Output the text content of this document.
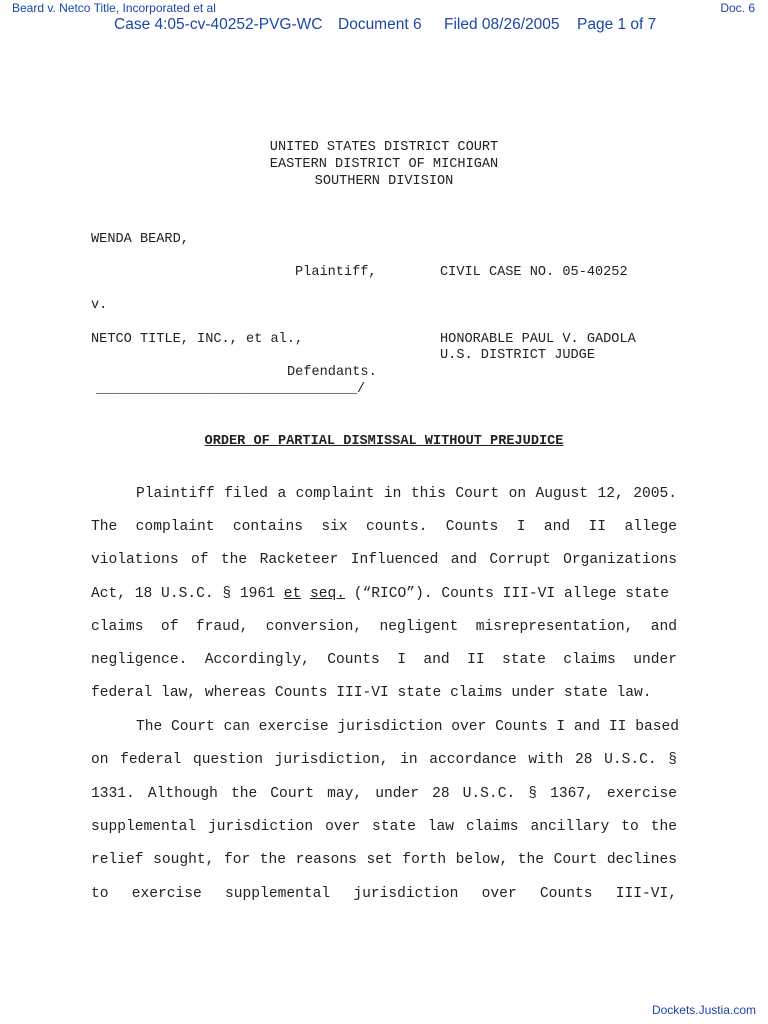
Beard v. Netco Title, Incorporated et al	Doc. 6
Case 4:05-cv-40252-PVG-WC Document 6 Filed 08/26/2005 Page 1 of 7
UNITED STATES DISTRICT COURT
EASTERN DISTRICT OF MICHIGAN
SOUTHERN DIVISION
WENDA BEARD,
Plaintiff,	CIVIL CASE NO. 05-40252
v.
NETCO TITLE, INC., et al.,	HONORABLE PAUL V. GADOLA
U.S. DISTRICT JUDGE
Defendants.
________________________________/
ORDER OF PARTIAL DISMISSAL WITHOUT PREJUDICE
Plaintiff filed a complaint in this Court on August 12, 2005.
The complaint contains six counts. Counts I and II allege
violations of the Racketeer Influenced and Corrupt Organizations
Act, 18 U.S.C. § 1961 et seq. (“RICO”). Counts III-VI allege state
claims of fraud, conversion, negligent misrepresentation, and
negligence. Accordingly, Counts I and II state claims under
federal law, whereas Counts III-VI state claims under state law.
The Court can exercise jurisdiction over Counts I and II based
on federal question jurisdiction, in accordance with 28 U.S.C. §
1331. Although the Court may, under 28 U.S.C. § 1367, exercise
supplemental jurisdiction over state law claims ancillary to the
relief sought, for the reasons set forth below, the Court declines
to exercise supplemental jurisdiction over Counts III-VI,
Dockets.Justia.com
